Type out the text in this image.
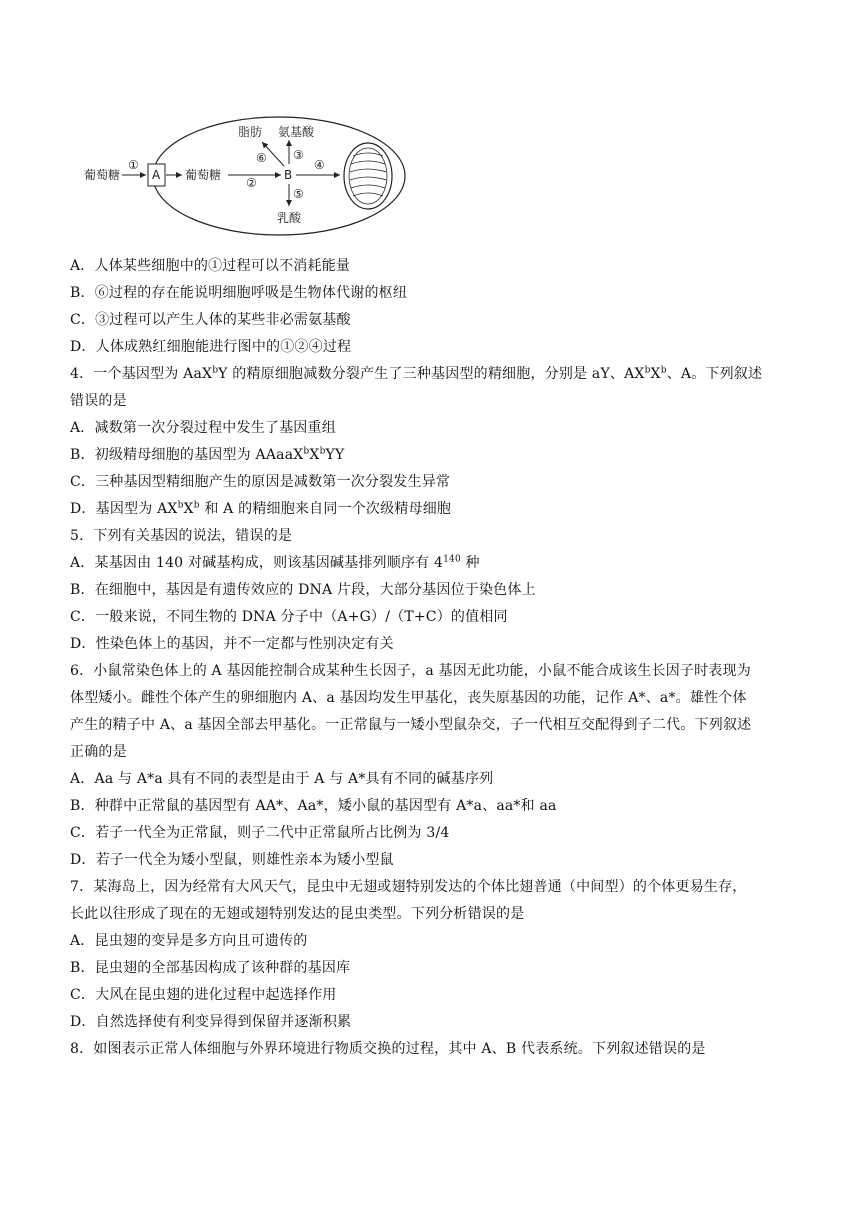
葡萄糖
①
A 葡萄糖
②
B
③
氨基酸
⑥
脂肪
④
⑤
乳酸
A．人体某些细胞中的①过程可以不消耗能量
B．⑥过程的存在能说明细胞呼吸是生物体代谢的枢纽
C．③过程可以产生人体的某些非必需氨基酸
D．人体成熟红细胞能进行图中的①②④过程
4．一个基因型为 AaX$^b$Y 的精原细胞减数分裂产生了三种基因型的精细胞，分别是 aY、$AX^bX^b$、A。下列叙述
错误的是
A．减数第一次分裂过程中发生了基因重组
B．初级精母细胞的基因型为 $AAaaX^bX^bYY$
C．三种基因型精细胞产生的原因是减数第一次分裂发生异常
D．基因型为 $AX^bX^b$ 和 A 的精细胞来自同一个次级精母细胞
5．下列有关基因的说法，错误的是
A．某基因由 140 对碱基构成，则该基因碱基排列顺序有 $4^{140}$ 种
B．在细胞中，基因是有遗传效应的 DNA 片段，大部分基因位于染色体上
C．一般来说，不同生物的 DNA 分子中（A+G）/（T+C）的值相同
D．性染色体上的基因，并不一定都与性别决定有关
6．小鼠常染色体上的 A 基因能控制合成某种生长因子，a 基因无此功能，小鼠不能合成该生长因子时表现为
体型矮小。雌性个体产生的卵细胞内 A、a 基因均发生甲基化，丧失原基因的功能，记作 A*、a*。雄性个体
产生的精子中 A、a 基因全部去甲基化。一正常鼠与一矮小型鼠杂交，子一代相互交配得到子二代。下列叙述
正确的是
A．Aa 与 A*a 具有不同的表型是由于 A 与 A*具有不同的碱基序列
B．种群中正常鼠的基因型有 AA*、Aa*，矮小鼠的基因型有 A*a、aa*和 aa
C．若子一代全为正常鼠，则子二代中正常鼠所占比例为 3/4
D．若子一代全为矮小型鼠，则雄性亲本为矮小型鼠
7．某海岛上，因为经常有大风天气，昆虫中无翅或翅特别发达的个体比翅普通（中间型）的个体更易生存，
长此以往形成了现在的无翅或翅特别发达的昆虫类型。下列分析错误的是
A．昆虫翅的变异是多方向且可遗传的
B．昆虫翅的全部基因构成了该种群的基因库
C．大风在昆虫翅的进化过程中起选择作用
D．自然选择使有利变异得到保留并逐渐积累
8．如图表示正常人体细胞与外界环境进行物质交换的过程，其中 A、B 代表系统。下列叙述错误的是
